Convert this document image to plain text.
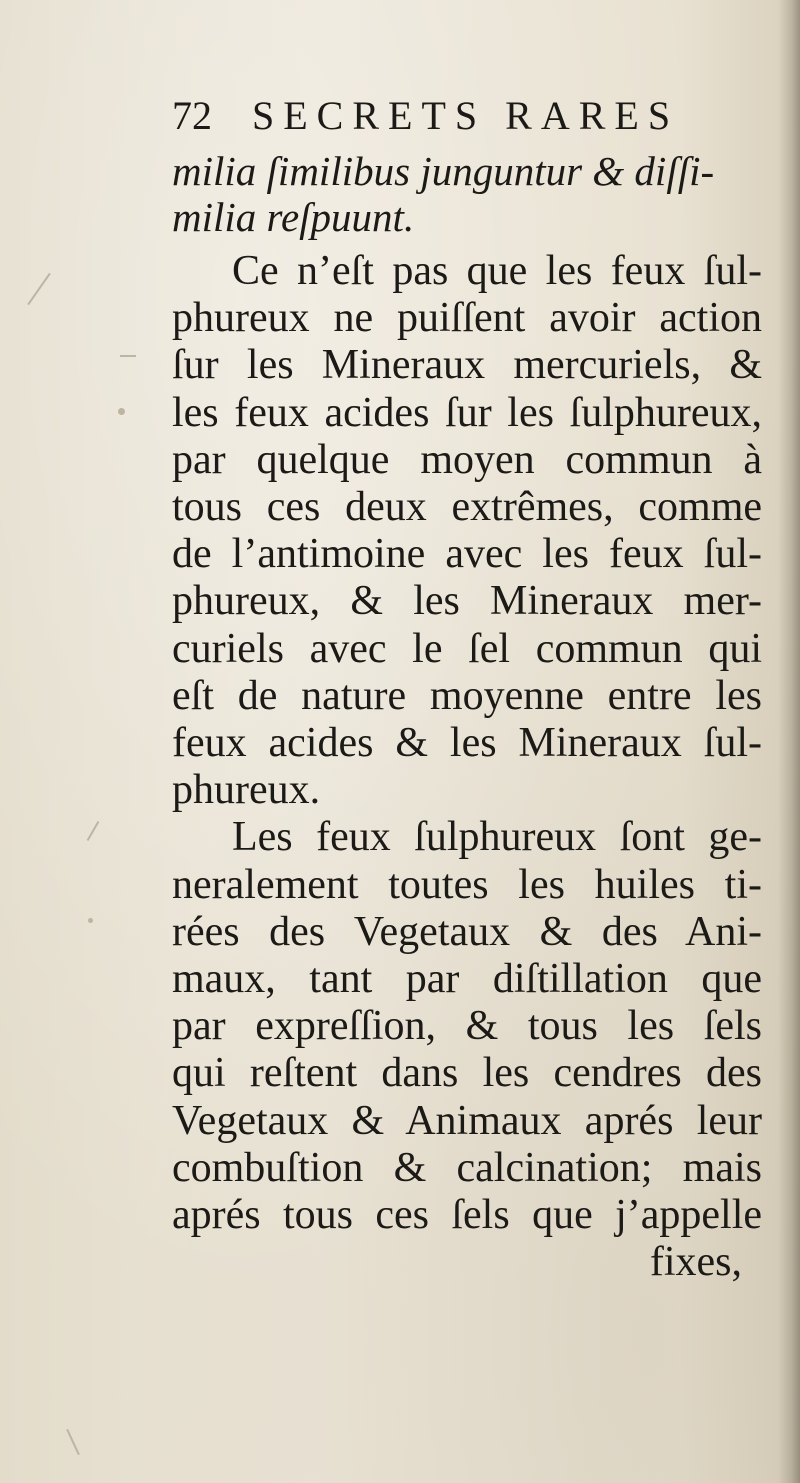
72	SECRETS RARES
milia ſimilibus junguntur & diſſi-
milia reſpuunt.
Ce n’eſt pas que les feux ſul-
phureux ne puiſſent avoir action
ſur les Mineraux mercuriels, &
les feux acides ſur les ſulphureux,
par quelque moyen commun à
tous ces deux extrêmes, comme
de l’antimoine avec les feux ſul-
phureux, & les Mineraux mer-
curiels avec le ſel commun qui
eſt de nature moyenne entre les
feux acides & les Mineraux ſul-
phureux.
Les feux ſulphureux ſont ge-
neralement toutes les huiles ti-
rées des Vegetaux & des Ani-
maux, tant par diſtillation que
par expreſſion, & tous les ſels
qui reſtent dans les cendres des
Vegetaux & Animaux aprés leur
combuſtion & calcination; mais
aprés tous ces ſels que j’appelle
fixes,
